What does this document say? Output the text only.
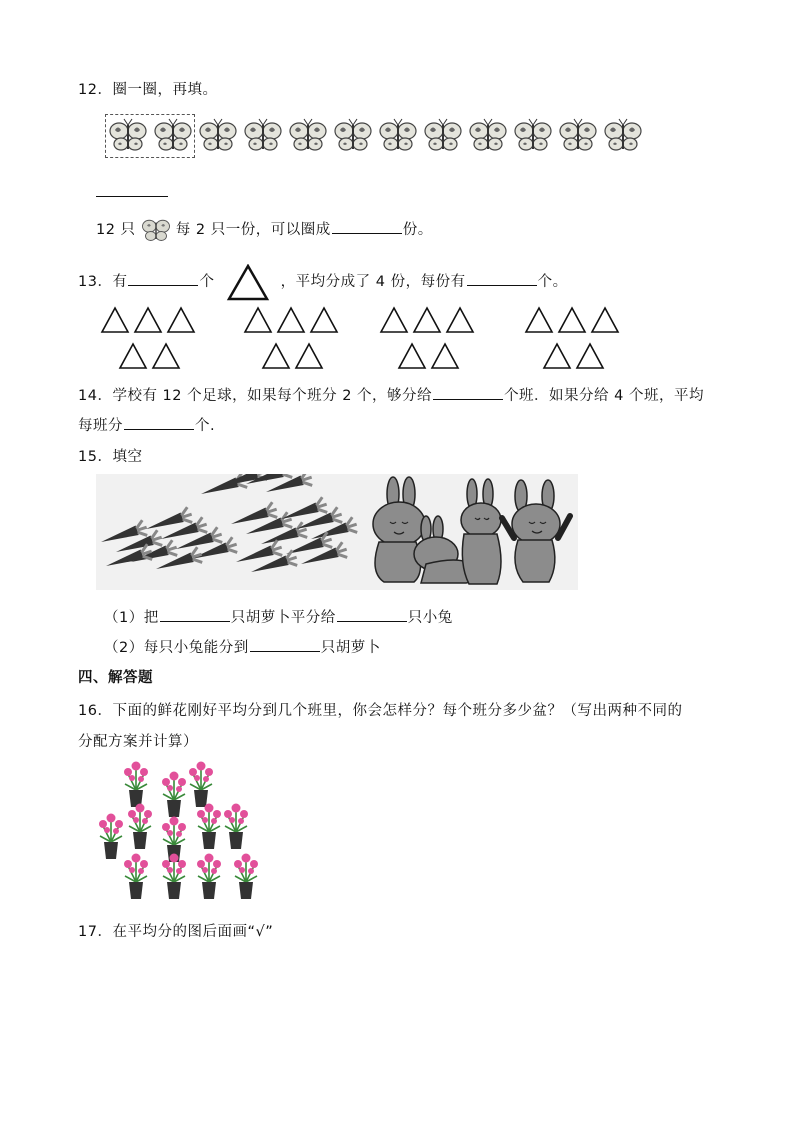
12．圈一圈，再填。
12 只	每 2 只一份，可以圈成	份。
13．有	个	，平均分成了 4 份，每份有	个。
14．学校有 12 个足球，如果每个班分 2 个，够分给	个班．如果分给 4 个班，平均
每班分	个.
15．填空
（1）把	只胡萝卜平分给	只小兔
（2）每只小兔能分到	只胡萝卜
四、解答题
16．下面的鲜花刚好平均分到几个班里，你会怎样分？每个班分多少盆？（写出两种不同的
分配方案并计算）
17．在平均分的图后面画“√”
